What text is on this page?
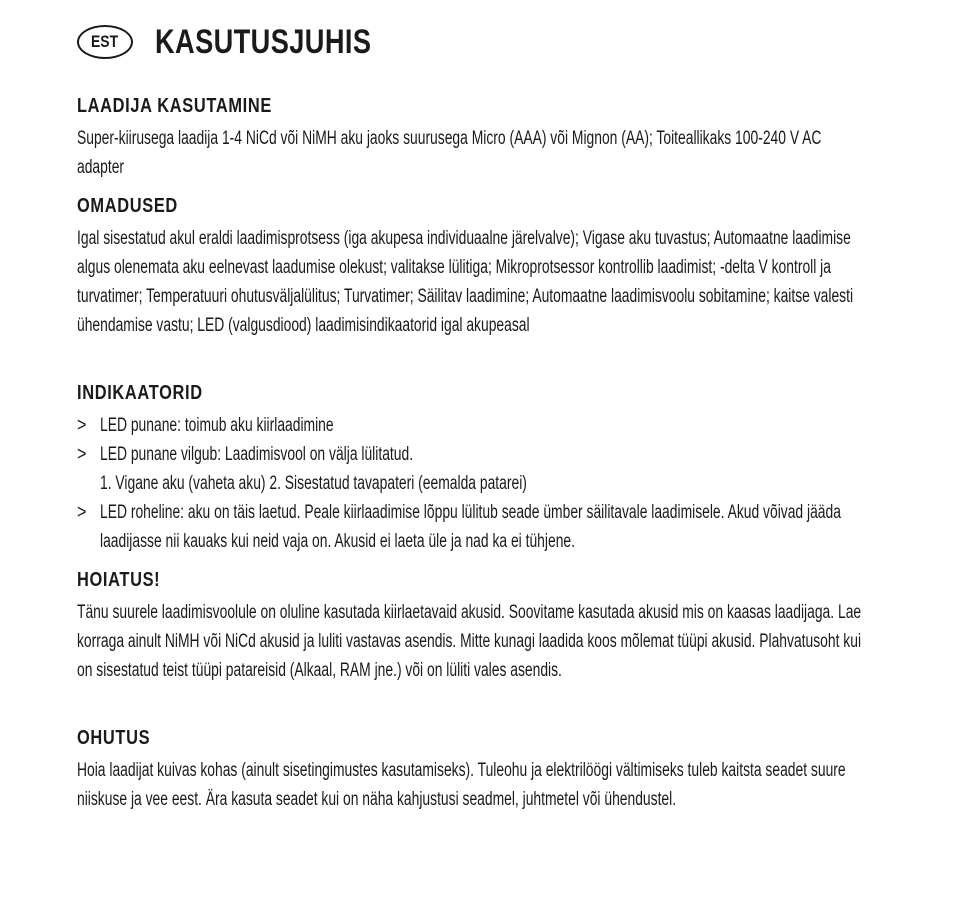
EST KASUTUSJUHIS
LAADIJA KASUTAMINE
Super-kiirusega laadija 1-4 NiCd või NiMH aku jaoks suurusega Micro (AAA) või Mignon (AA); Toiteallikaks 100-240 V AC adapter
OMADUSED
Igal sisestatud akul eraldi laadimisprotsess (iga akupesa individuaalne järelvalve); Vigase aku tuvastus; Automaatne laadimise algus olenemata aku eelnevast laadumise olekust; valitakse lülitiga; Mikroprotsessor kontrollib laadimist; -delta V kontroll ja turvatimer; Temperatuuri ohutusväljalülitus; Turvatimer; Säilitav laadimine; Automaatne laadimisvoolu sobitamine; kaitse valesti ühendamise vastu; LED (valgusdiood) laadimisindikaatorid igal akupeasal
INDIKAATORID
> LED punane: toimub aku kiirlaadimine
> LED punane vilgub: Laadimisvool on välja lülitatud.
1. Vigane aku (vaheta aku) 2. Sisestatud tavapateri (eemalda patarei)
> LED roheline: aku on täis laetud. Peale kiirlaadimise lõppu lülitub seade ümber säilitavale laadimisele. Akud võivad jääda laadijasse nii kauaks kui neid vaja on. Akusid ei laeta üle ja nad ka ei tühjene.
HOIATUS!
Tänu suurele laadimisvoolule on oluline kasutada kiirlaetavaid akusid. Soovitame kasutada akusid mis on kaasas laadijaga. Lae korraga ainult NiMH või NiCd akusid ja luliti vastavas asendis. Mitte kunagi laadida koos mõlemat tüüpi akusid. Plahvatusoht kui on sisestatud teist tüüpi patareisid (Alkaal, RAM jne.) või on lüliti vales asendis.
OHUTUS
Hoia laadijat kuivas kohas (ainult sisetingimustes kasutamiseks). Tuleohu ja elektrilöögi vältimiseks tuleb kaitsta seadet suure niiskuse ja vee eest. Ära kasuta seadet kui on näha kahjustusi seadmel, juhtmetel või ühendustel.
